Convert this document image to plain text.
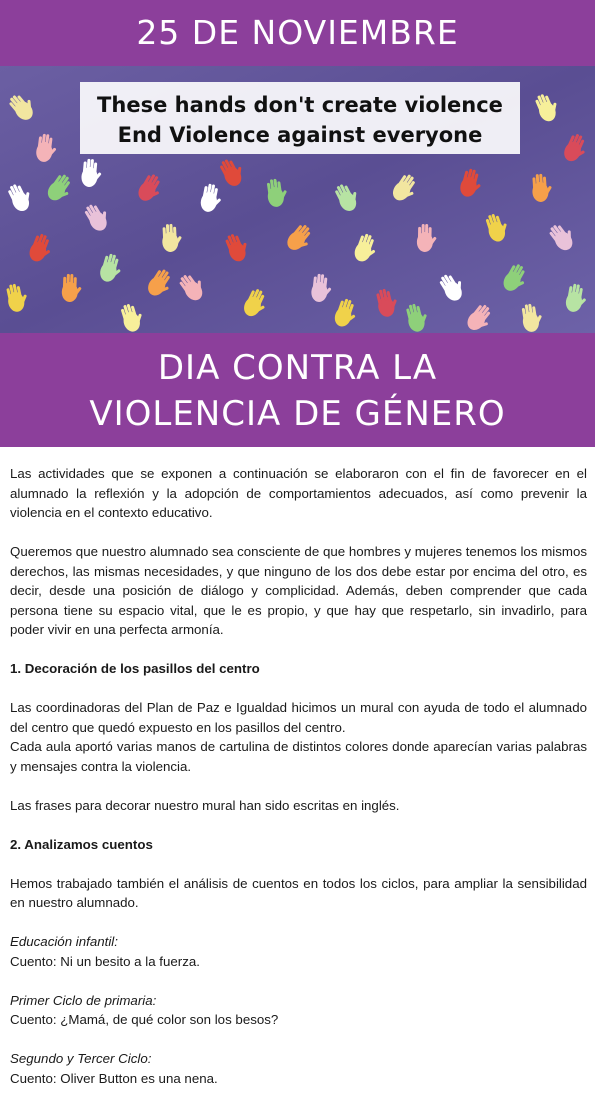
25 DE NOVIEMBRE
These hands don't create violence
End Violence against everyone
DIA CONTRA LA
VIOLENCIA DE GÉNERO

Las actividades que se exponen a continuación se elaboraron con el fin de favorecer en el alumnado la reflexión y la adopción de comportamientos adecuados, así como prevenir la violencia en el contexto educativo.

Queremos que nuestro alumnado sea consciente de que hombres y mujeres tenemos los mismos derechos, las mismas necesidades, y que ninguno de los dos debe estar por encima del otro, es decir, desde una posición de diálogo y complicidad. Además, deben comprender que cada persona tiene su espacio vital, que le es propio, y que hay que respetarlo, sin invadirlo, para poder vivir en una perfecta armonía.

1. Decoración de los pasillos del centro

Las coordinadoras del Plan de Paz e Igualdad hicimos un mural con ayuda de todo el alumnado del centro que quedó expuesto en los pasillos del centro.

Cada aula aportó varias manos de cartulina de distintos colores donde aparecían varias palabras y mensajes contra la violencia.

Las frases para decorar nuestro mural han sido escritas en inglés.

2. Analizamos cuentos

Hemos trabajado también el análisis de cuentos en todos los ciclos, para ampliar la sensibilidad en nuestro alumnado.

Educación infantil:

Cuento: Ni un besito a la fuerza.

Primer Ciclo de primaria:

Cuento: ¿Mamá, de qué color son los besos?

Segundo y Tercer Ciclo:

Cuento: Oliver Button es una nena.
